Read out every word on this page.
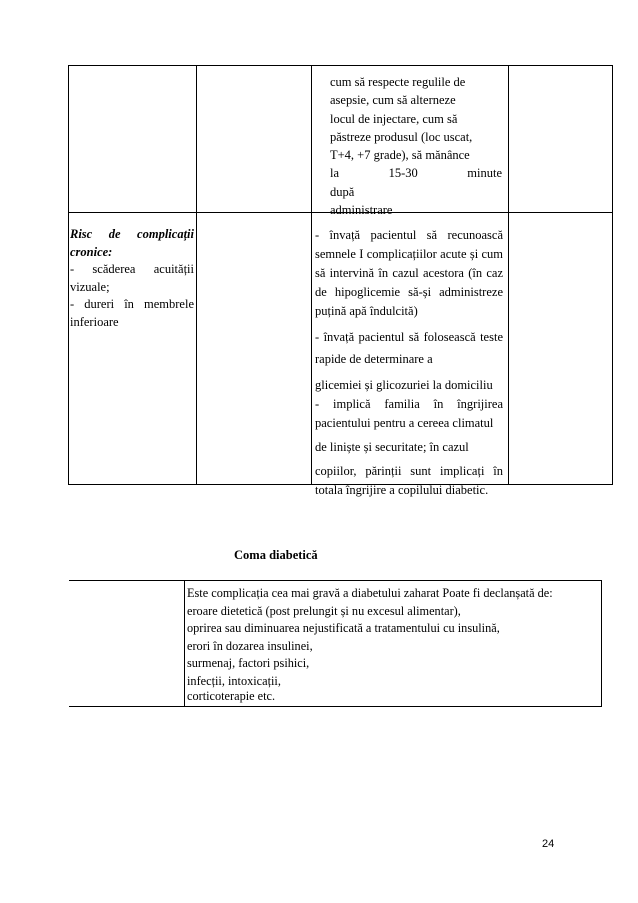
cum să respecte regulile de
asepsie, cum să alterneze
locul de injectare, cum să
păstreze produsul (loc uscat,
T+4, +7 grade), să mănânce
la 15-30 minute după
administrare
Risc de complicații cronice:
- scăderea acuității vizuale;
- dureri în membrele inferioare

- învață pacientul să recunoască semnele I complicațiilor acute și cum să intervină în cazul acestora (în caz de hipoglicemie să-și administreze puțină apă îndulcită)

- învață pacientul să folosească teste rapide de determinare a

glicemiei și glicozuriei la domiciliu

- implică familia în îngrijirea pacientului pentru a cereea climatul

de liniște și securitate; în cazul

copiilor, părinții sunt implicați în totala îngrijire a copilului diabetic.

Coma diabetică
Este complicația cea mai gravă a diabetului zaharat Poate fi declanșată de:
eroare dietetică (post prelungit și nu excesul alimentar),
oprirea sau diminuarea nejustificată a tratamentului cu insulină,
erori în dozarea insulinei,
surmenaj, factori psihici,
infecții, intoxicații,
corticoterapie etc.
24
